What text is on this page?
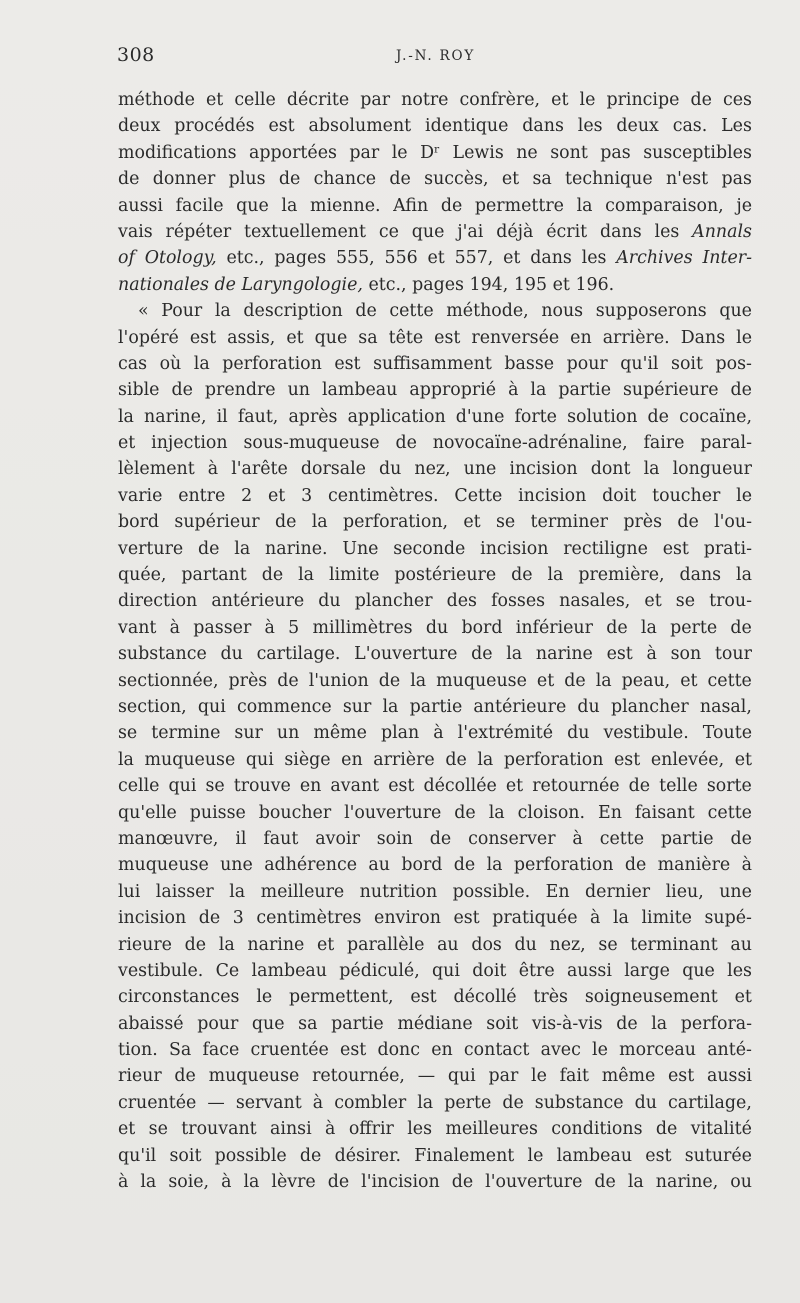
308	J.-N. ROY
méthode et celle décrite par notre confrère, et le principe de ces
deux procédés est absolument identique dans les deux cas. Les
modifications apportées par le Dʳ Lewis ne sont pas susceptibles
de donner plus de chance de succès, et sa technique n'est pas
aussi facile que la mienne. Afin de permettre la comparaison, je
vais répéter textuellement ce que j'ai déjà écrit dans les Annals
of Otology, etc., pages 555, 556 et 557, et dans les Archives Inter-
nationales de Laryngologie, etc., pages 194, 195 et 196.
« Pour la description de cette méthode, nous supposerons que
l'opéré est assis, et que sa tête est renversée en arrière. Dans le
cas où la perforation est suffisamment basse pour qu'il soit pos-
sible de prendre un lambeau approprié à la partie supérieure de
la narine, il faut, après application d'une forte solution de cocaïne,
et injection sous-muqueuse de novocaïne-adrénaline, faire paral-
lèlement à l'arête dorsale du nez, une incision dont la longueur
varie entre 2 et 3 centimètres. Cette incision doit toucher le
bord supérieur de la perforation, et se terminer près de l'ou-
verture de la narine. Une seconde incision rectiligne est prati-
quée, partant de la limite postérieure de la première, dans la
direction antérieure du plancher des fosses nasales, et se trou-
vant à passer à 5 millimètres du bord inférieur de la perte de
substance du cartilage. L'ouverture de la narine est à son tour
sectionnée, près de l'union de la muqueuse et de la peau, et cette
section, qui commence sur la partie antérieure du plancher nasal,
se termine sur un même plan à l'extrémité du vestibule. Toute
la muqueuse qui siège en arrière de la perforation est enlevée, et
celle qui se trouve en avant est décollée et retournée de telle sorte
qu'elle puisse boucher l'ouverture de la cloison. En faisant cette
manœuvre, il faut avoir soin de conserver à cette partie de
muqueuse une adhérence au bord de la perforation de manière à
lui laisser la meilleure nutrition possible. En dernier lieu, une
incision de 3 centimètres environ est pratiquée à la limite supé-
rieure de la narine et parallèle au dos du nez, se terminant au
vestibule. Ce lambeau pédiculé, qui doit être aussi large que les
circonstances le permettent, est décollé très soigneusement et
abaissé pour que sa partie médiane soit vis-à-vis de la perfora-
tion. Sa face cruentée est donc en contact avec le morceau anté-
rieur de muqueuse retournée, — qui par le fait même est aussi
cruentée — servant à combler la perte de substance du cartilage,
et se trouvant ainsi à offrir les meilleures conditions de vitalité
qu'il soit possible de désirer. Finalement le lambeau est suturée
à la soie, à la lèvre de l'incision de l'ouverture de la narine, ou
